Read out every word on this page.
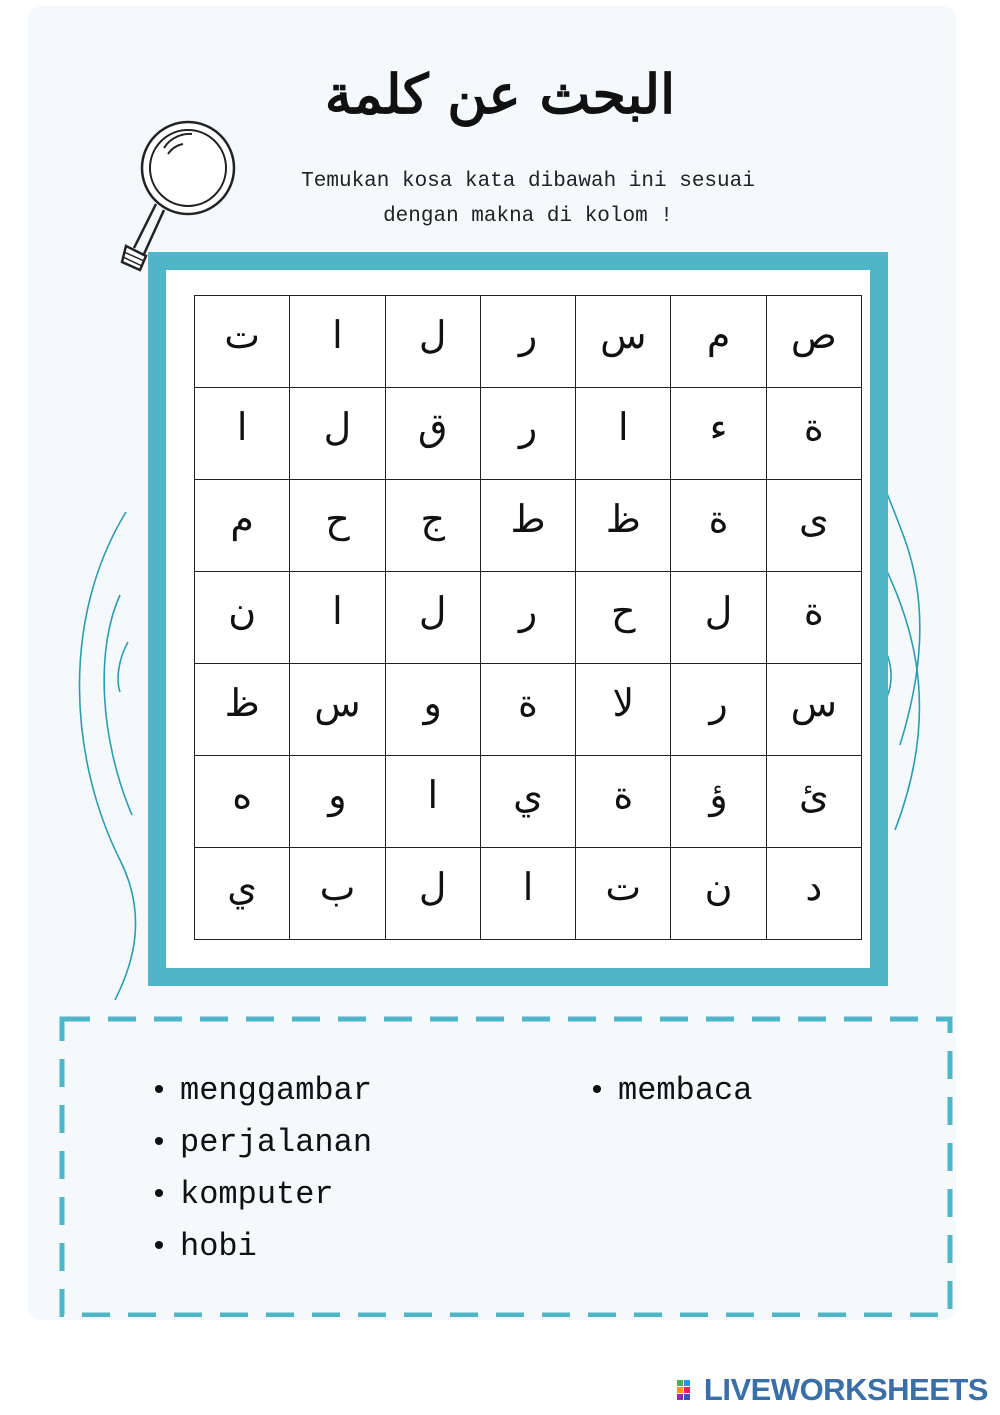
البحث عن كلمة

Temukan kosa kata dibawah ini sesuai
dengan makna di kolom !

ص	م	س	ر	ل	ا	ت
ة	ء	ا	ر	ق	ل	ا
ى	ة	ظ	ط	ج	ح	م
ة	ل	ح	ر	ل	ا	ن
س	ر	لا	ة	و	س	ظ
ئ	ؤ	ة	ي	ا	و	ه
د	ن	ت	ا	ل	ب	ي
• menggambar
• perjalanan
• komputer
• hobi
• membaca
LIVEWORKSHEETS
